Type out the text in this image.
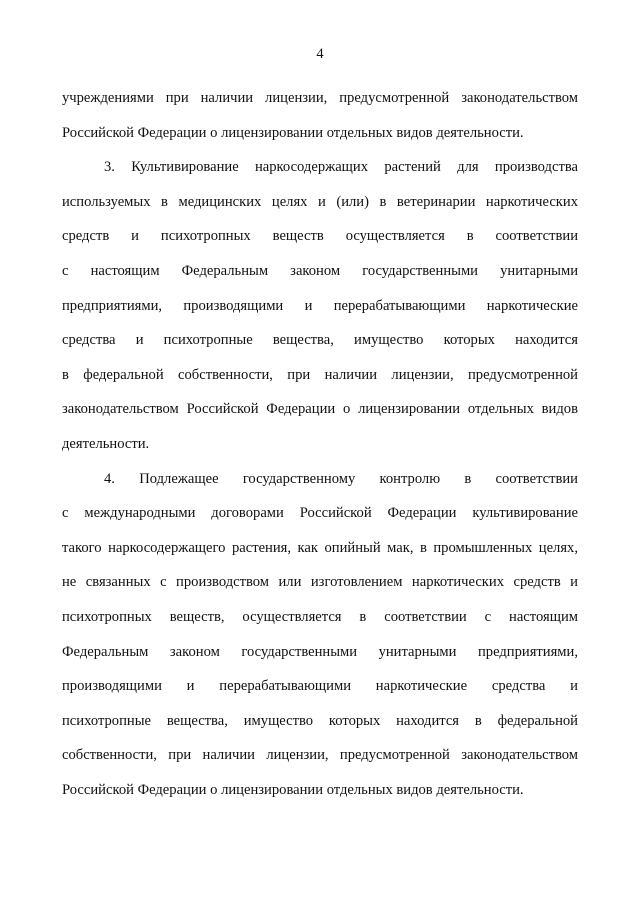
4
учреждениями при наличии лицензии, предусмотренной законодательством
Российской Федерации о лицензировании отдельных видов деятельности.
3. Культивирование наркосодержащих растений для производства
используемых в медицинских целях и (или) в ветеринарии наркотических
средств и психотропных веществ осуществляется в соответствии
с настоящим Федеральным законом государственными унитарными
предприятиями, производящими и перерабатывающими наркотические
средства и психотропные вещества, имущество которых находится
в федеральной собственности, при наличии лицензии, предусмотренной
законодательством Российской Федерации о лицензировании отдельных видов
деятельности.
4. Подлежащее государственному контролю в соответствии
с международными договорами Российской Федерации культивирование
такого наркосодержащего растения, как опийный мак, в промышленных целях,
не связанных с производством или изготовлением наркотических средств и
психотропных веществ, осуществляется в соответствии с настоящим
Федеральным законом государственными унитарными предприятиями,
производящими и перерабатывающими наркотические средства и
психотропные вещества, имущество которых находится в федеральной
собственности, при наличии лицензии, предусмотренной законодательством
Российской Федерации о лицензировании отдельных видов деятельности.
